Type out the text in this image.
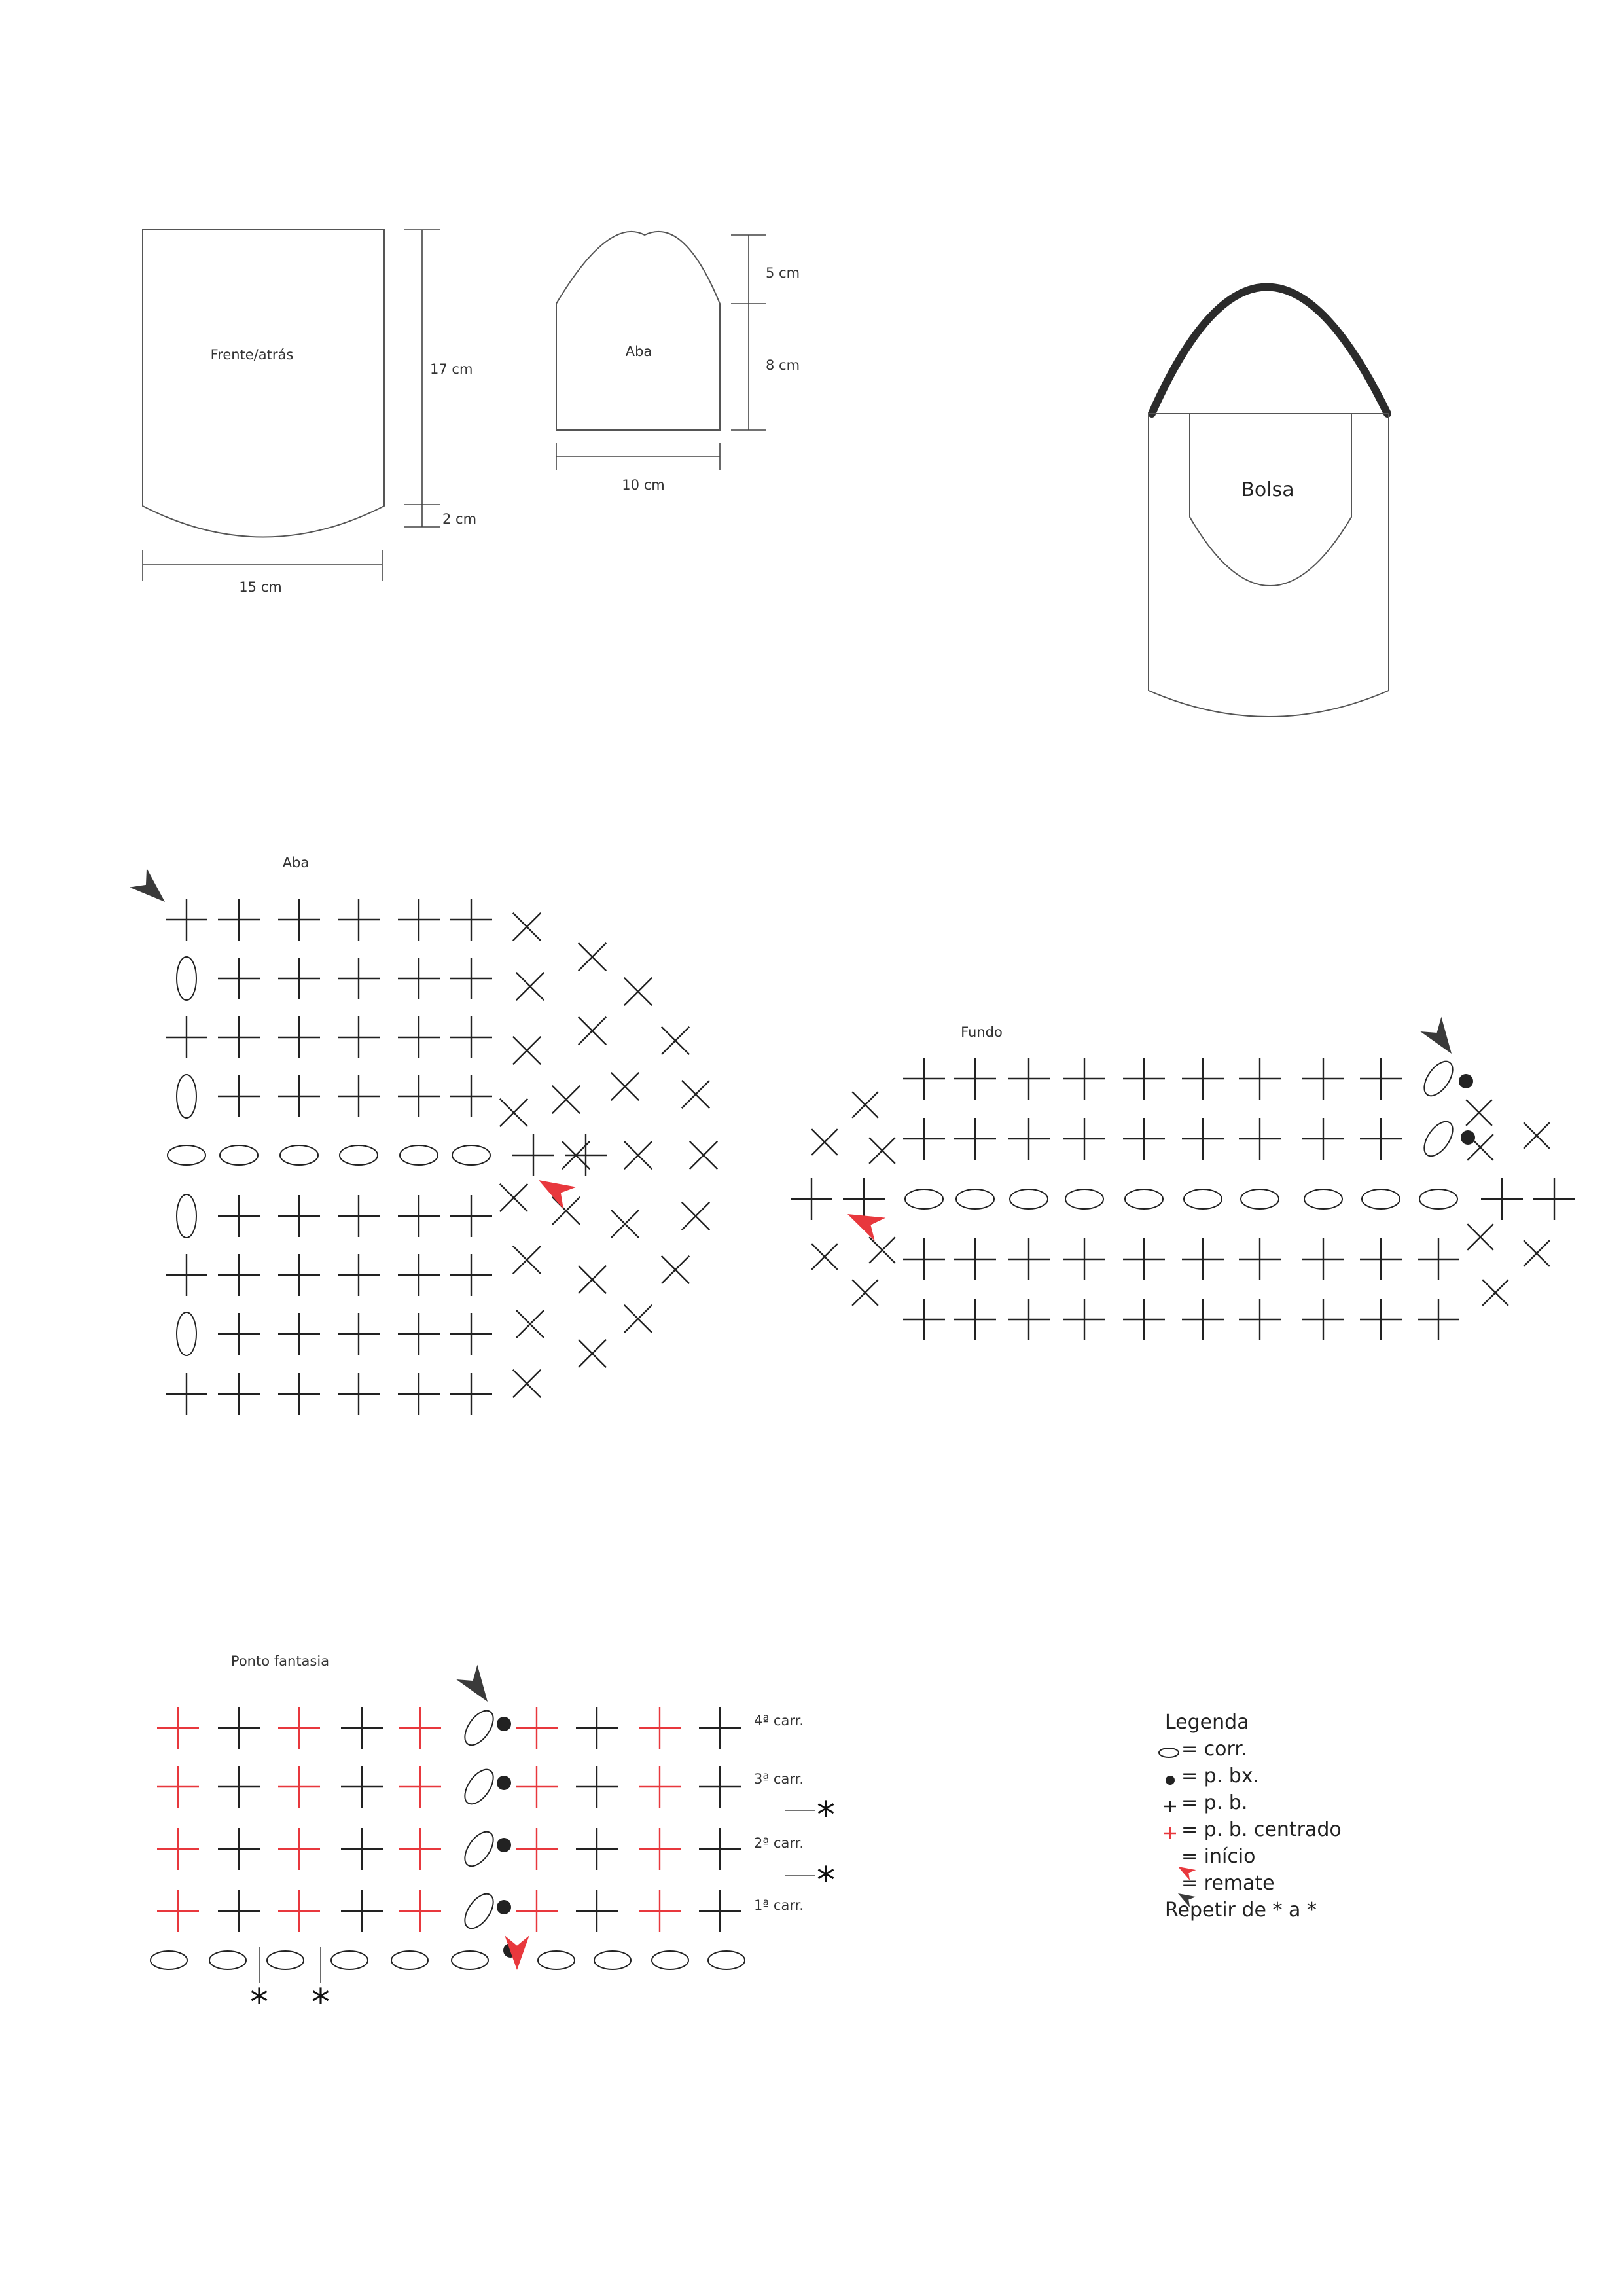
Frente/atrás
17 cm
2 cm
15 cm
Aba
5 cm
8 cm
10 cm	Bolsa
Aba
Fundo
Ponto fantasia
4ª carr.
3ª carr.
2ª carr.
1ª carr.
*
*
* *
Legenda
= corr.
= p. bx.
= p. b.
= p. b. centrado
= início
= remate
Repetir de * a *
